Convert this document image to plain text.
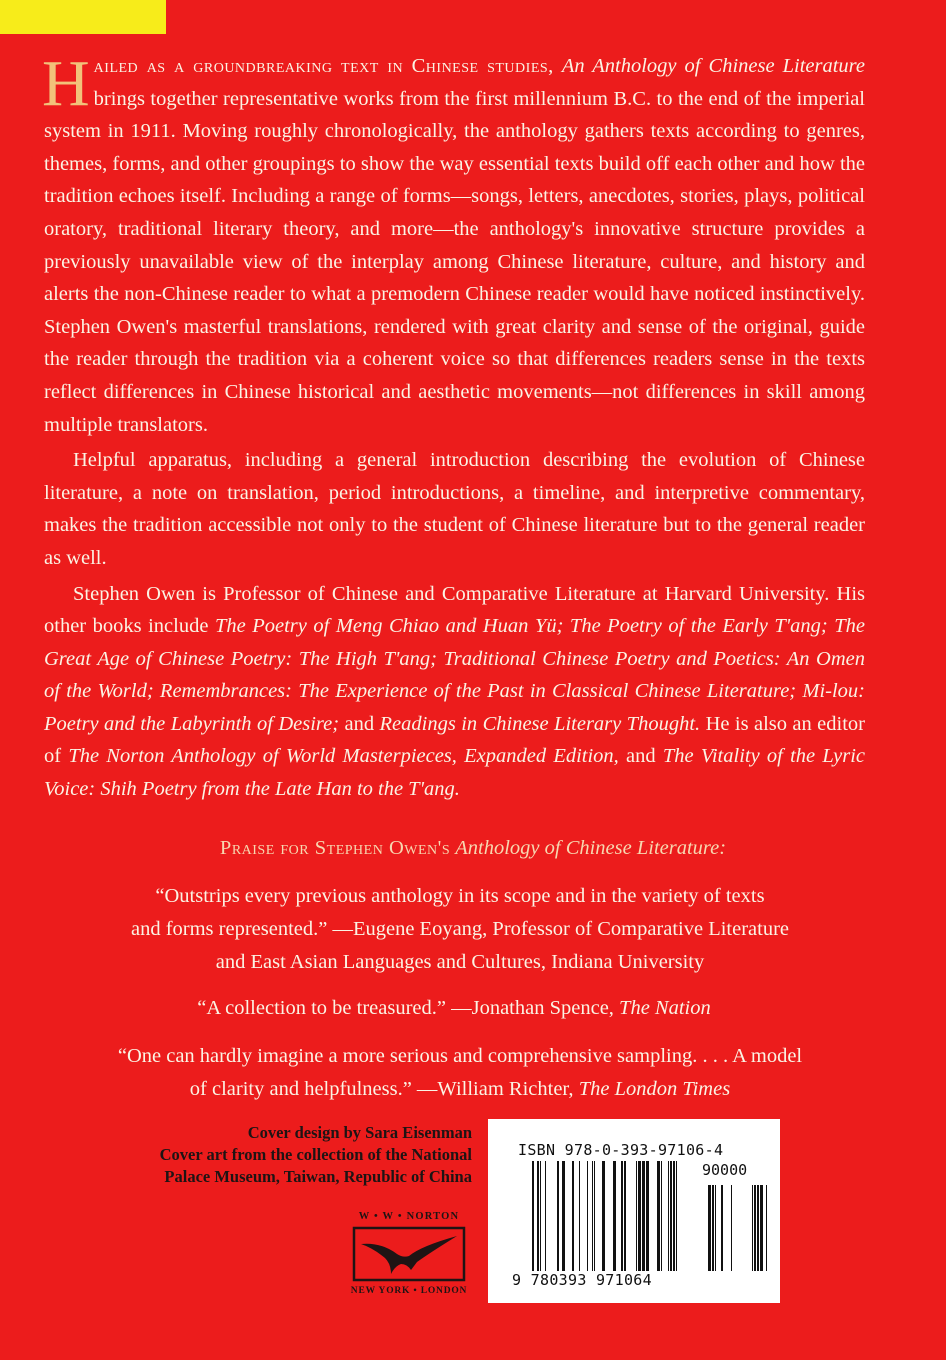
Hailed as a groundbreaking text in Chinese studies, An Anthology of Chinese Literature brings together representative works from the first millennium B.C. to the end of the imperial system in 1911. Moving roughly chronologically, the anthology gathers texts according to genres, themes, forms, and other groupings to show the way essential texts build off each other and how the tradition echoes itself. Including a range of forms—songs, letters, anecdotes, stories, plays, political oratory, traditional literary theory, and more—the anthology's innovative structure provides a previously unavailable view of the interplay among Chinese literature, culture, and history and alerts the non-Chinese reader to what a premodern Chinese reader would have noticed instinctively. Stephen Owen's masterful translations, rendered with great clarity and sense of the original, guide the reader through the tradition via a coherent voice so that differences readers sense in the texts reflect differences in Chinese historical and aesthetic movements—not differences in skill among multiple translators.

Helpful apparatus, including a general introduction describing the evolution of Chinese literature, a note on translation, period introductions, a timeline, and interpretive commentary, makes the tradition accessible not only to the student of Chinese literature but to the general reader as well.

Stephen Owen is Professor of Chinese and Comparative Literature at Harvard University. His other books include The Poetry of Meng Chiao and Huan Yü; The Poetry of the Early T'ang; The Great Age of Chinese Poetry: The High T'ang; Traditional Chinese Poetry and Poetics: An Omen of the World; Remembrances: The Experience of the Past in Classical Chinese Literature; Mi-lou: Poetry and the Labyrinth of Desire; and Readings in Chinese Literary Thought. He is also an editor of The Norton Anthology of World Masterpieces, Expanded Edition, and The Vitality of the Lyric Voice: Shih Poetry from the Late Han to the T'ang.

Praise for Stephen Owen's Anthology of Chinese Literature:
“Outstrips every previous anthology in its scope and in the variety of texts
and forms represented.” —Eugene Eoyang, Professor of Comparative Literature
and East Asian Languages and Cultures, Indiana University
“A collection to be treasured.” —Jonathan Spence, The Nation
“One can hardly imagine a more serious and comprehensive sampling. . . . A model
of clarity and helpfulness.” —William Richter, The London Times
Cover design by Sara Eisenman
Cover art from the collection of the National
Palace Museum, Taiwan, Republic of China
W • W • NORTON
NEW YORK • LONDON
ISBN 978-0-393-97106-4
90000
9 780393 971064
